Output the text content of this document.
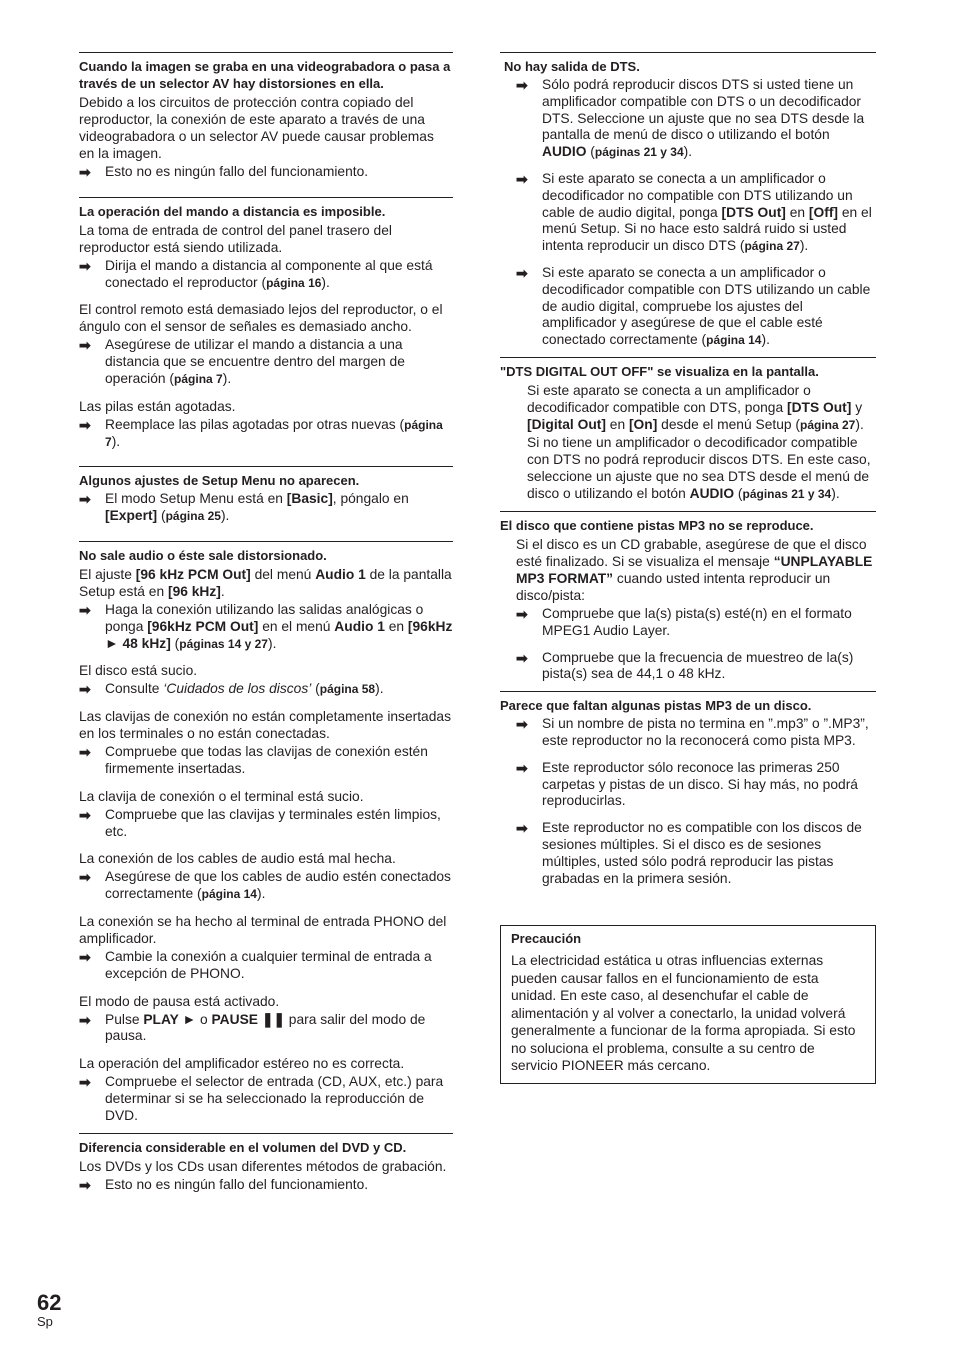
Cuando la imagen se graba en una videograbadora o pasa a través de un selector AV hay distorsiones en ella.

Debido a los circuitos de protección contra copiado del reproductor, la conexión de este aparato a través de una videograbadora o un selector AV puede causar problemas en la imagen.

➡	Esto no es ningún fallo del funcionamiento.
La operación del mando a distancia es imposible.

La toma de entrada de control del panel trasero del reproductor está siendo utilizada.

➡	Dirija el mando a distancia al componente al que está conectado el reproductor (página 16).

El control remoto está demasiado lejos del reproductor, o el ángulo con el sensor de señales es demasiado ancho.

➡	Asegúrese de utilizar el mando a distancia a una distancia que se encuentre dentro del margen de operación (página 7).

Las pilas están agotadas.

➡	Reemplace las pilas agotadas por otras nuevas (página 7).
Algunos ajustes de Setup Menu no aparecen.
➡	El modo Setup Menu está en [Basic], póngalo en [Expert] (página 25).
No sale audio o éste sale distorsionado.

El ajuste [96 kHz PCM Out] del menú Audio 1 de la pantalla Setup está en [96 kHz].

➡	Haga la conexión utilizando las salidas analógicas o ponga [96kHz PCM Out] en el menú Audio 1 en [96kHz ► 48 kHz] (páginas 14 y 27).

El disco está sucio.

➡	Consulte ‘Cuidados de los discos’ (página 58).

Las clavijas de conexión no están completamente insertadas en los terminales o no están conectadas.

➡	Compruebe que todas las clavijas de conexión estén firmemente insertadas.

La clavija de conexión o el terminal está sucio.

➡	Compruebe que las clavijas y terminales estén limpios, etc.

La conexión de los cables de audio está mal hecha.

➡	Asegúrese de que los cables de audio estén conectados correctamente (página 14).

La conexión se ha hecho al terminal de entrada PHONO del amplificador.

➡	Cambie la conexión a cualquier terminal de entrada a excepción de PHONO.

El modo de pausa está activado.

➡	Pulse PLAY ► o PAUSE ❚❚ para salir del modo de pausa.

La operación del amplificador estéreo no es correcta.

➡	Compruebe el selector de entrada (CD, AUX, etc.) para determinar si se ha seleccionado la reproducción de DVD.
Diferencia considerable en el volumen del DVD y CD.

Los DVDs y los CDs usan diferentes métodos de grabación.

➡	Esto no es ningún fallo del funcionamiento.
No hay salida de DTS.
➡	Sólo podrá reproducir discos DTS si usted tiene un amplificador compatible con DTS o un decodificador DTS. Seleccione un ajuste que no sea DTS desde la pantalla de menú de disco o utilizando el botón AUDIO (páginas 21 y 34).
➡	Si este aparato se conecta a un amplificador o decodificador no compatible con DTS utilizando un cable de audio digital, ponga [DTS Out] en [Off] en el menú Setup. Si no hace esto saldrá ruido si usted intenta reproducir un disco DTS (página 27).
➡	Si este aparato se conecta a un amplificador o decodificador compatible con DTS utilizando un cable de audio digital, compruebe los ajustes del amplificador y asegúrese de que el cable esté conectado correctamente (página 14).
"DTS DIGITAL OUT OFF" se visualiza en la pantalla.

Si este aparato se conecta a un amplificador o decodificador compatible con DTS, ponga [DTS Out] y [Digital Out] en [On] desde el menú Setup (página 27). Si no tiene un amplificador o decodificador compatible con DTS no podrá reproducir discos DTS. En este caso, seleccione un ajuste que no sea DTS desde el menú de disco o utilizando el botón AUDIO (páginas 21 y 34).

El disco que contiene pistas MP3 no se reproduce.

Si el disco es un CD grabable, asegúrese de que el disco esté finalizado. Si se visualiza el mensaje “UNPLAYABLE MP3 FORMAT” cuando usted intenta reproducir un disco/pista:

➡	Compruebe que la(s) pista(s) esté(n) en el formato MPEG1 Audio Layer.
➡	Compruebe que la frecuencia de muestreo de la(s) pista(s) sea de 44,1 o 48 kHz.
Parece que faltan algunas pistas MP3 de un disco.
➡	Si un nombre de pista no termina en ”.mp3” o ”.MP3”, este reproductor no la reconocerá como pista MP3.
➡	Este reproductor sólo reconoce las primeras 250 carpetas y pistas de un disco. Si hay más, no podrá reproducirlas.
➡	Este reproductor no es compatible con los discos de sesiones múltiples. Si el disco es de sesiones múltiples, usted sólo podrá reproducir las pistas grabadas en la primera sesión.
Precaución

La electricidad estática u otras influencias externas pueden causar fallos en el funcionamiento de esta unidad. En este caso, al desenchufar el cable de alimentación y al volver a conectarlo, la unidad volverá generalmente a funcionar de la forma apropiada. Si esto no soluciona el problema, consulte a su centro de servicio PIONEER más cercano.

62
Sp
